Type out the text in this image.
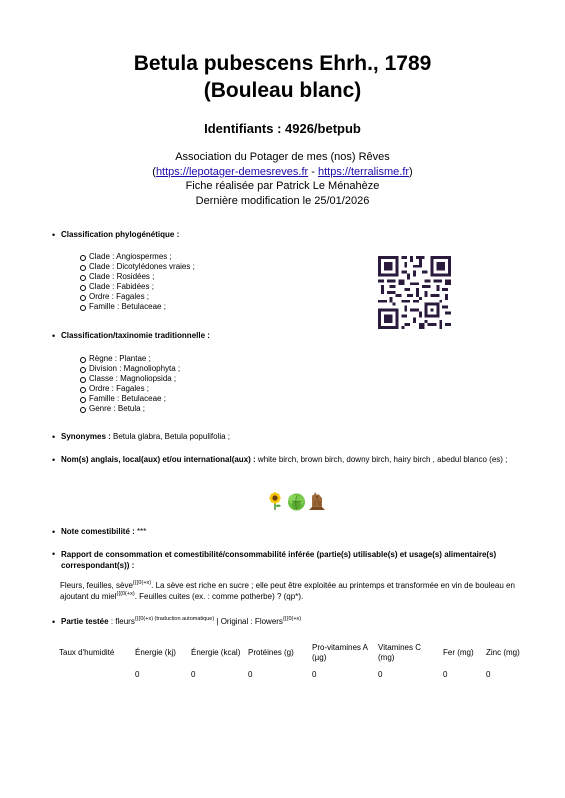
Betula pubescens Ehrh., 1789
(Bouleau blanc)
Identifiants : 4926/betpub
Association du Potager de mes (nos) Rêves
(https://lepotager-demesreves.fr - https://terralisme.fr)
Fiche réalisée par Patrick Le Ménahèze
Dernière modification le 25/01/2026
• Classification phylogénétique :
Clade : Angiospermes ;
Clade : Dicotylédones vraies ;
Clade : Rosidées ;
Clade : Fabidées ;
Ordre : Fagales ;
Famille : Betulaceae ;
• Classification/taxinomie traditionnelle :
Règne : Plantae ;
Division : Magnoliophyta ;
Classe : Magnoliopsida ;
Ordre : Fagales ;
Famille : Betulaceae ;
Genre : Betula ;
• Synonymes : Betula glabra, Betula populifolia ;
• Nom(s) anglais, local(aux) et/ou international(aux) : white birch, brown birch, downy birch, hairy birch , abedul blanco (es) ;
• Note comestibilité : ***
• Rapport de consommation et comestibilité/consommabilité inférée (partie(s) utilisable(s) et usage(s) alimentaire(s) correspondant(s)) :
Fleurs, feuilles, sève$^{\{\{\{0(+x)}$. La sève est riche en sucre ; elle peut être exploitée au printemps et transformée en vin de bouleau en ajoutant du miel$^{\{\{\{0(+x)}$. Feuilles cuites (ex. : comme potherbe) ? (qp*).
• Partie testée : fleurs$^{\{\{\{0(+x) (traduction automatique)}$ | Original : Flowers$^{\{\{\{0(+x)}$
Taux d'humidité	Énergie (kj)	Énergie (kcal)	Protéines (g)	Pro-vitamines A (µg)	Vitamines C (mg)	Fer (mg)	Zinc (mg)
	0	0	0	0	0	0	0
